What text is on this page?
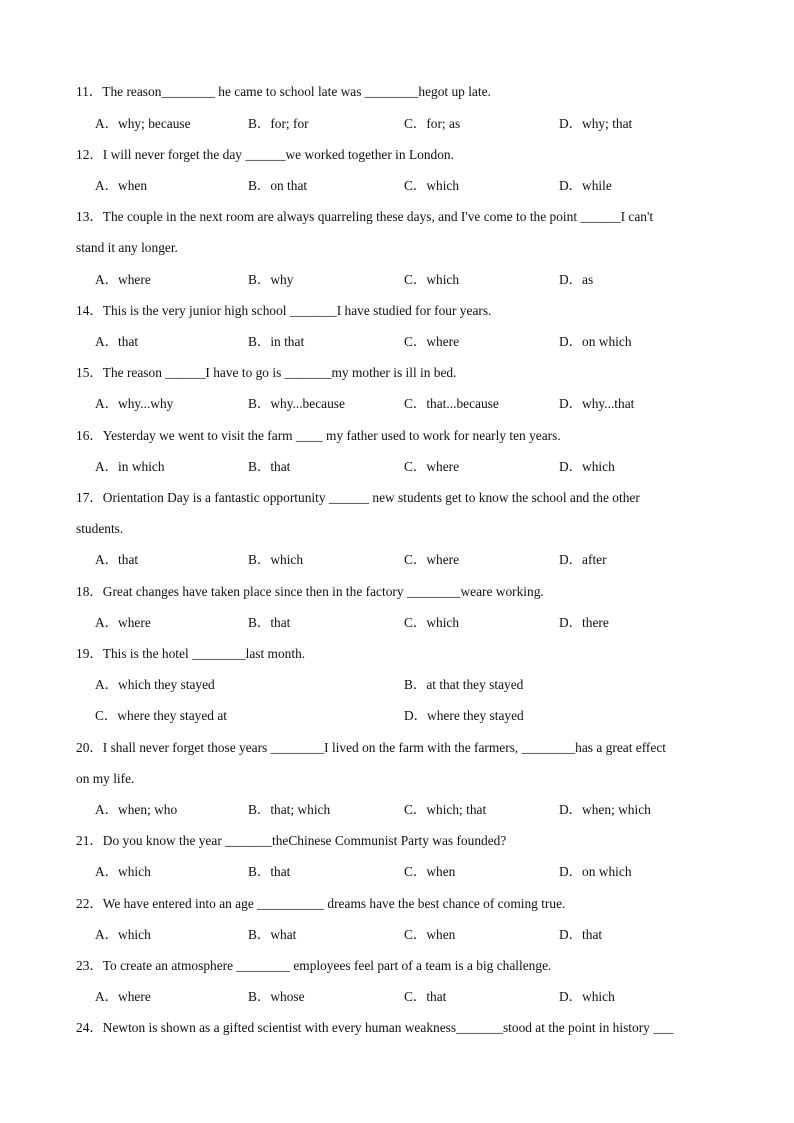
11．The reason________ he came to school late was ________hegot up late.
A．why; because	B．for; for	C．for; as	D．why; that
12．I will never forget the day ______we worked together in London.
A．when	B．on that	C．which	D．while
13．The couple in the next room are always quarreling these days, and I've come to the point ______I can't
stand it any longer.
A．where	B．why	C．which	D．as
14．This is the very junior high school _______I have studied for four years.
A．that	B．in that	C．where	D．on which
15．The reason ______I have to go is _______my mother is ill in bed.
A．why...why	B．why...because	C．that...because	D．why...that
16．Yesterday we went to visit the farm ____ my father used to work for nearly ten years.
A．in which	B．that	C．where	D．which
17．Orientation Day is a fantastic opportunity ______ new students get to know the school and the other
students.
A．that	B．which	C．where	D．after
18．Great changes have taken place since then in the factory ________weare working.
A．where	B．that	C．which	D．there
19．This is the hotel ________last month.
A．which they stayed	B．at that they stayed
C．where they stayed at	D．where they stayed
20．I shall never forget those years ________I lived on the farm with the farmers, ________has a great effect
on my life.
A．when; who	B．that; which	C．which; that	D．when; which
21．Do you know the year _______theChinese Communist Party was founded?
A．which	B．that	C．when	D．on which
22．We have entered into an age __________ dreams have the best chance of coming true.
A．which	B．what	C．when	D．that
23．To create an atmosphere ________ employees feel part of a team is a big challenge.
A．where	B．whose	C．that	D．which
24．Newton is shown as a gifted scientist with every human weakness_______stood at the point in history ___
